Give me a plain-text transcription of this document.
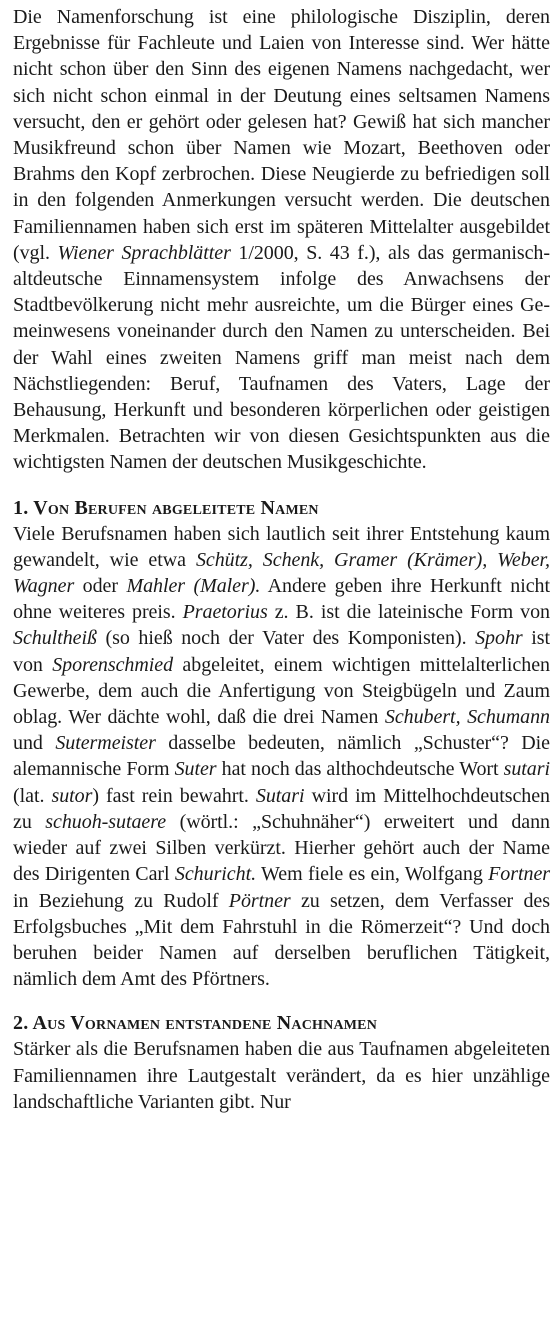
Die Namenforschung ist eine philologische Disziplin, deren Ergebnisse für Fachleute und Laien von Interesse sind. Wer hätte nicht schon über den Sinn des eigenen Namens nachgedacht, wer sich nicht schon einmal in der Deutung eines seltsamen Namens versucht, den er gehört oder gelesen hat? Gewiß hat sich mancher Musikfreund schon über Namen wie Mozart, Beethoven oder Brahms den Kopf zerbrochen. Diese Neugierde zu befriedigen soll in den folgenden Anmerkungen versucht werden. Die deutschen Familiennamen haben sich erst im späteren Mittelalter ausgebildet (vgl. Wiener Sprachblätter 1/2000, S. 43 f.), als das germanisch-altdeutsche Einnamensystem infolge des Anwachsens der Stadtbevölkerung nicht mehr ausreichte, um die Bürger eines Gemeinwesens voneinander durch den Namen zu unterscheiden. Bei der Wahl eines zweiten Namens griff man meist nach dem Nächstliegenden: Beruf, Taufnamen des Vaters, Lage der Behausung, Herkunft und besonderen körperlichen oder geistigen Merkmalen. Betrachten wir von diesen Gesichtspunkten aus die wichtigsten Namen der deutschen Musikgeschichte.

1. Von Berufen abgeleitete Namen

Viele Berufsnamen haben sich lautlich seit ihrer Entstehung kaum gewandelt, wie etwa Schütz, Schenk, Gramer (Krämer), Weber, Wagner oder Mahler (Maler). Andere geben ihre Herkunft nicht ohne weiteres preis. Praetorius z. B. ist die lateinische Form von Schultheiß (so hieß noch der Vater des Komponisten). Spohr ist von Sporenschmied abgeleitet, einem wichtigen mittelalterlichen Gewerbe, dem auch die Anfertigung von Steigbügeln und Zaum oblag. Wer dächte wohl, daß die drei Namen Schubert, Schumann und Sutermeister dasselbe bedeuten, nämlich „Schuster“? Die alemannische Form Suter hat noch das althochdeutsche Wort sutari (lat. sutor) fast rein bewahrt. Sutari wird im Mittelhochdeutschen zu schuoh-sutaere (wörtl.: „Schuhnäher“) erweitert und dann wieder auf zwei Silben verkürzt. Hierher gehört auch der Name des Dirigenten Carl Schuricht. Wem fiele es ein, Wolfgang Fortner in Beziehung zu Rudolf Pörtner zu setzen, dem Verfasser des Erfolgsbuches „Mit dem Fahrstuhl in die Römerzeit“? Und doch beruhen beider Namen auf derselben beruflichen Tätigkeit, nämlich dem Amt des Pförtners.

2. Aus Vornamen entstandene Nachnamen

Stärker als die Berufsnamen haben die aus Taufnamen abgeleiteten Familiennamen ihre Lautgestalt verändert, da es hier unzählige landschaftliche Varianten gibt. Nur
